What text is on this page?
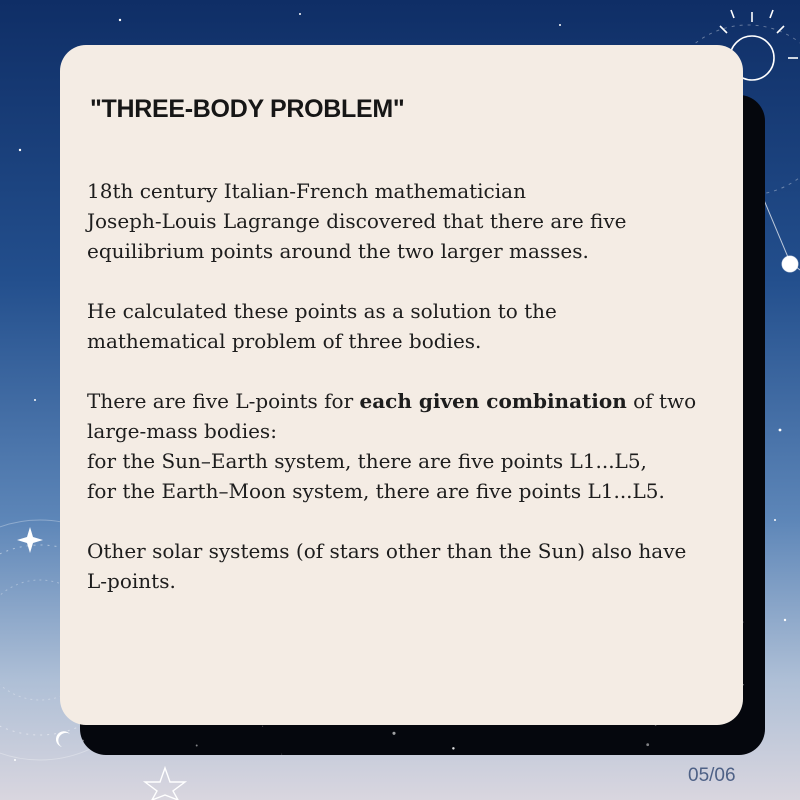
"THREE-BODY PROBLEM"

18th century Italian-French mathematician
Joseph-Louis Lagrange discovered that there are five
equilibrium points around the two larger masses.

He calculated these points as a solution to the
mathematical problem of three bodies.

There are five L-points for each given combination of two
large-mass bodies:
for the Sun–Earth system, there are five points L1...L5,
for the Earth–Moon system, there are five points L1...L5.

Other solar systems (of stars other than the Sun) also have
L-points.

05/06
